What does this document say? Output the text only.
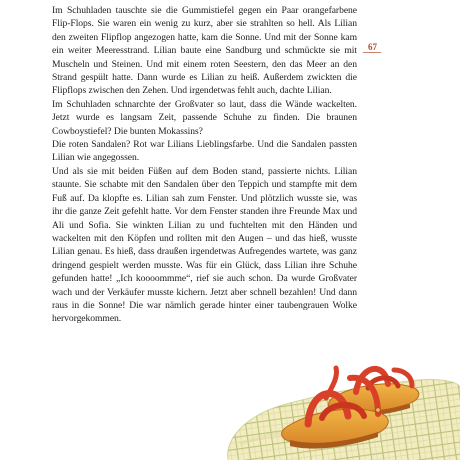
Im Schuhladen tauschte sie die Gummistiefel gegen ein Paar orangefarbene Flip-Flops. Sie waren ein wenig zu kurz, aber sie strahlten so hell. Als Lilian den zweiten Flipflop angezogen hatte, kam die Sonne. Und mit der Sonne kam ein weiter Meeresstrand. Lilian baute eine Sandburg und schmückte sie mit Muscheln und Steinen. Und mit einem roten Seestern, den das Meer an den Strand gespült hatte. Dann wurde es Lilian zu heiß. Außerdem zwickten die Flipflops zwischen den Zehen. Und irgendetwas fehlt auch, dachte Lilian.

Im Schuhladen schnarchte der Großvater so laut, dass die Wände wackelten. Jetzt wurde es langsam Zeit, passende Schuhe zu finden. Die braunen Cowboystiefel? Die bunten Mokassins?

Die roten Sandalen? Rot war Lilians Lieblingsfarbe. Und die Sandalen passten Lilian wie angegossen.

Und als sie mit beiden Füßen auf dem Boden stand, passierte nichts. Lilian staunte. Sie schabte mit den Sandalen über den Teppich und stampfte mit dem Fuß auf. Da klopfte es. Lilian sah zum Fenster. Und plötzlich wusste sie, was ihr die ganze Zeit gefehlt hatte. Vor dem Fenster standen ihre Freunde Max und Ali und Sofia. Sie winkten Lilian zu und fuchtelten mit den Händen und wackelten mit den Köpfen und rollten mit den Augen – und das hieß, wusste Lilian genau. Es hieß, dass draußen irgendetwas Aufregendes wartete, was ganz dringend gespielt werden musste. Was für ein Glück, dass Lilian ihre Schuhe gefunden hatte! „Ich koooommme“, rief sie auch schon. Da wurde Großvater wach und der Verkäufer musste kichern. Jetzt aber schnell bezahlen! Und dann raus in die Sonne! Die war nämlich gerade hinter einer taubengrauen Wolke hervorgekommen.

67
